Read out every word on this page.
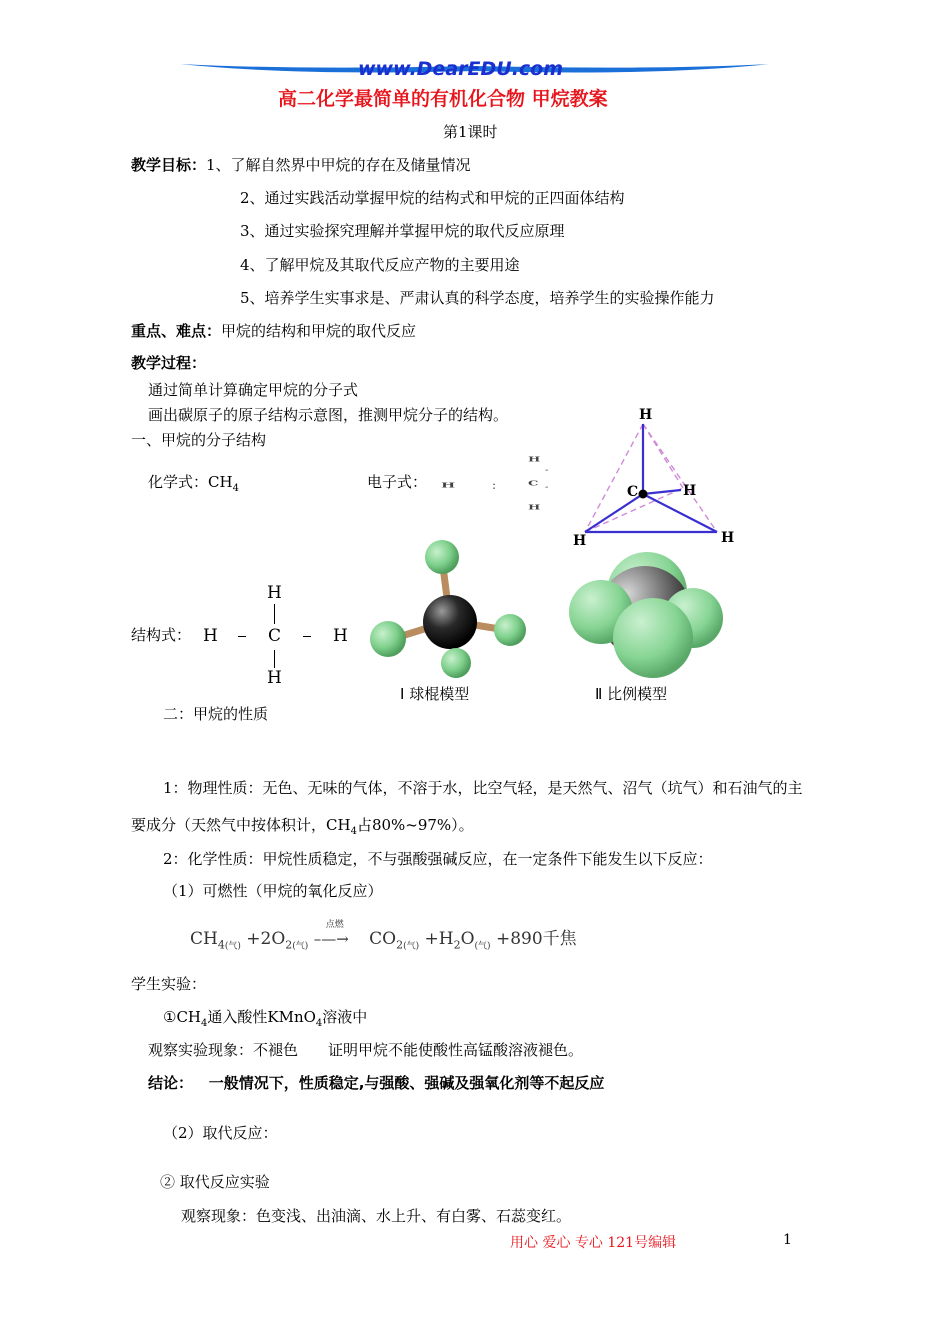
www.DearEDU.com
高二化学最简单的有机化合物 甲烷教案
第1课时
教学目标：1、了解自然界中甲烷的存在及储量情况
2、通过实践活动掌握甲烷的结构式和甲烷的正四面体结构
3、通过实验探究理解并掌握甲烷的取代反应原理
4、了解甲烷及其取代反应产物的主要用途
5、培养学生实事求是、严肃认真的科学态度，培养学生的实验操作能力
重点、难点：甲烷的结构和甲烷的取代反应
教学过程：
通过简单计算确定甲烷的分子式
画出碳原子的原子结构示意图，推测甲烷分子的结构。
一、甲烷的分子结构
化学式：$CH_4$	电子式： H	:
H
C
H
-
-
H
C	H
H	H
结构式：
H
H	C	H
H
Ⅰ 球棍模型	Ⅱ 比例模型
二：甲烷的性质
1：物理性质：无色、无味的气体，不溶于水，比空气轻，是天然气、沼气（坑气）和石油气的主
要成分（天然气中按体积计，$CH_4$占80%~97%）。
2：化学性质：甲烷性质稳定，不与强酸强碱反应，在一定条件下能发生以下反应：
（1）可燃性（甲烷的氧化反应）
$CH_{4(气)} +2O_{2(气)}$
点燃
–—→ $CO_{2(气)} +H_2O_{(气)} +890$千焦
学生实验：
$①CH_4$通入酸性KMnO$_4$溶液中
观察实验现象：不褪色　　证明甲烷不能使酸性高锰酸溶液褪色。
结论： 一般情况下，性质稳定,与强酸、强碱及强氧化剂等不起反应
（2）取代反应：
② 取代反应实验
观察现象：色变浅、出油滴、水上升、有白雾、石蕊变红。
用心 爱心 专心 121号编辑	1
